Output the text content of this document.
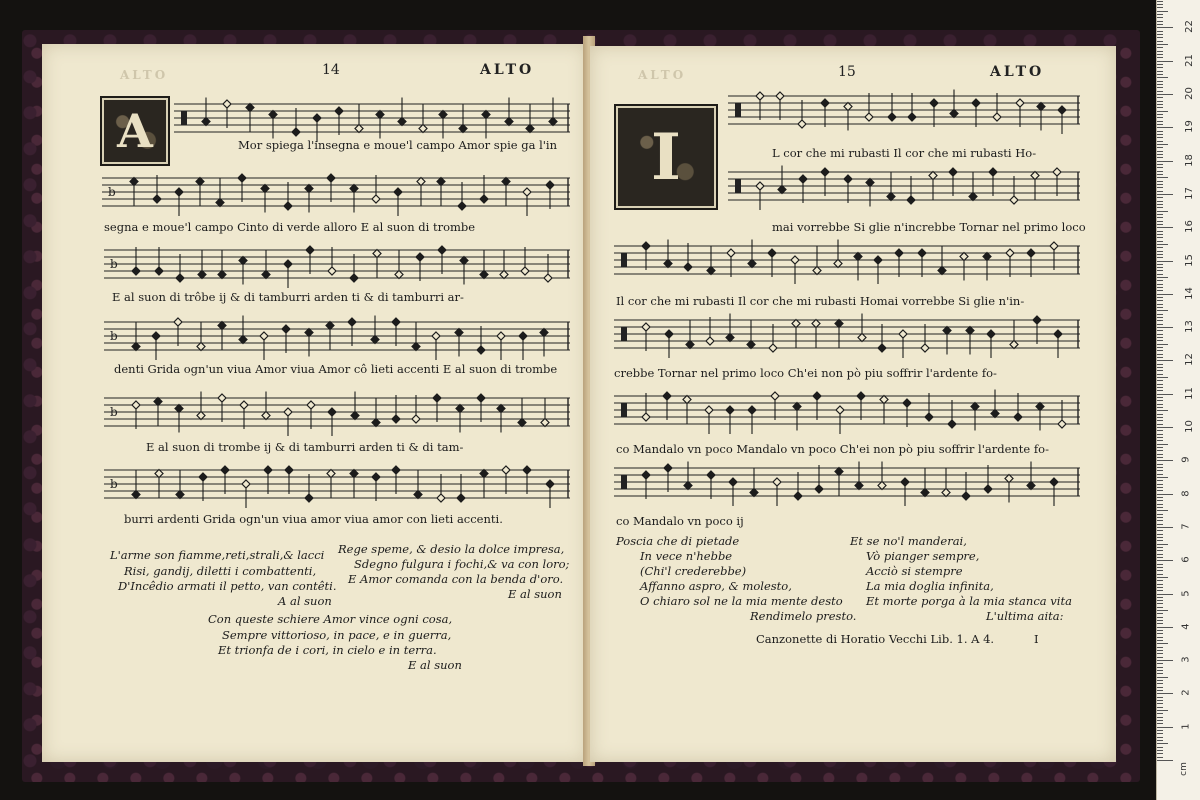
ALTO	14	ALTO
A	Mor spiega l'insegna e moue'l campo Amor spie ga l'in
b
segna e moue'l campo Cinto di verde alloro E al suon di trombe
b
E al suon di trôbe ij & di tamburri arden ti & di tamburri ar-
b
denti Grida ogn'un viua Amor viua Amor cô lieti accenti E al suon di trombe
b
E al suon di trombe ij & di tamburri arden ti & di tam-
b
burri ardenti Grida ogn'un viua amor viua amor con lieti accenti.
L'arme son fiamme,reti,strali,& lacci
Risi, gandij, diletti i combattenti,
D'Incêdio armati il petto, van contêti.
A al suon
Rege speme, & desio la dolce impresa,
Sdegno fulgura i fochi,& va con loro;
E Amor comanda con la benda d'oro.
E al suon
Con queste schiere Amor vince ogni cosa,
Sempre vittorioso, in pace, e in guerra,
Et trionfa de i cori, in cielo e in terra.
E al suon
ALTO	15	ALTO
I	L cor che mi rubasti Il cor che mi rubasti Ho-
mai vorrebbe Si glie n'increbbe Tornar nel primo loco
Il cor che mi rubasti Il cor che mi rubasti Homai vorrebbe Si glie n'in-
crebbe Tornar nel primo loco Ch'ei non pò piu soffrir l'ardente fo-
co Mandalo vn poco Mandalo vn poco Ch'ei non pò piu soffrir l'ardente fo-
co Mandalo vn poco ij
Poscia che di pietade
In vece n'hebbe
(Chi'l crederebbe)
Affanno aspro, & molesto,
O chiaro sol ne la mia mente desto
Rendimelo presto.
Et se no'l manderai,
Vò pianger sempre,
Acciò si stempre
La mia doglia infinita,
Et morte porga à la mia stanca vita
L'ultima aita:
Canzonette di Horatio Vecchi Lib. 1. A 4.	I
cm
1
2
3
4
5
6
7
8
9
10
11
12
13
14
15
16
17
18
19
20
21
22
